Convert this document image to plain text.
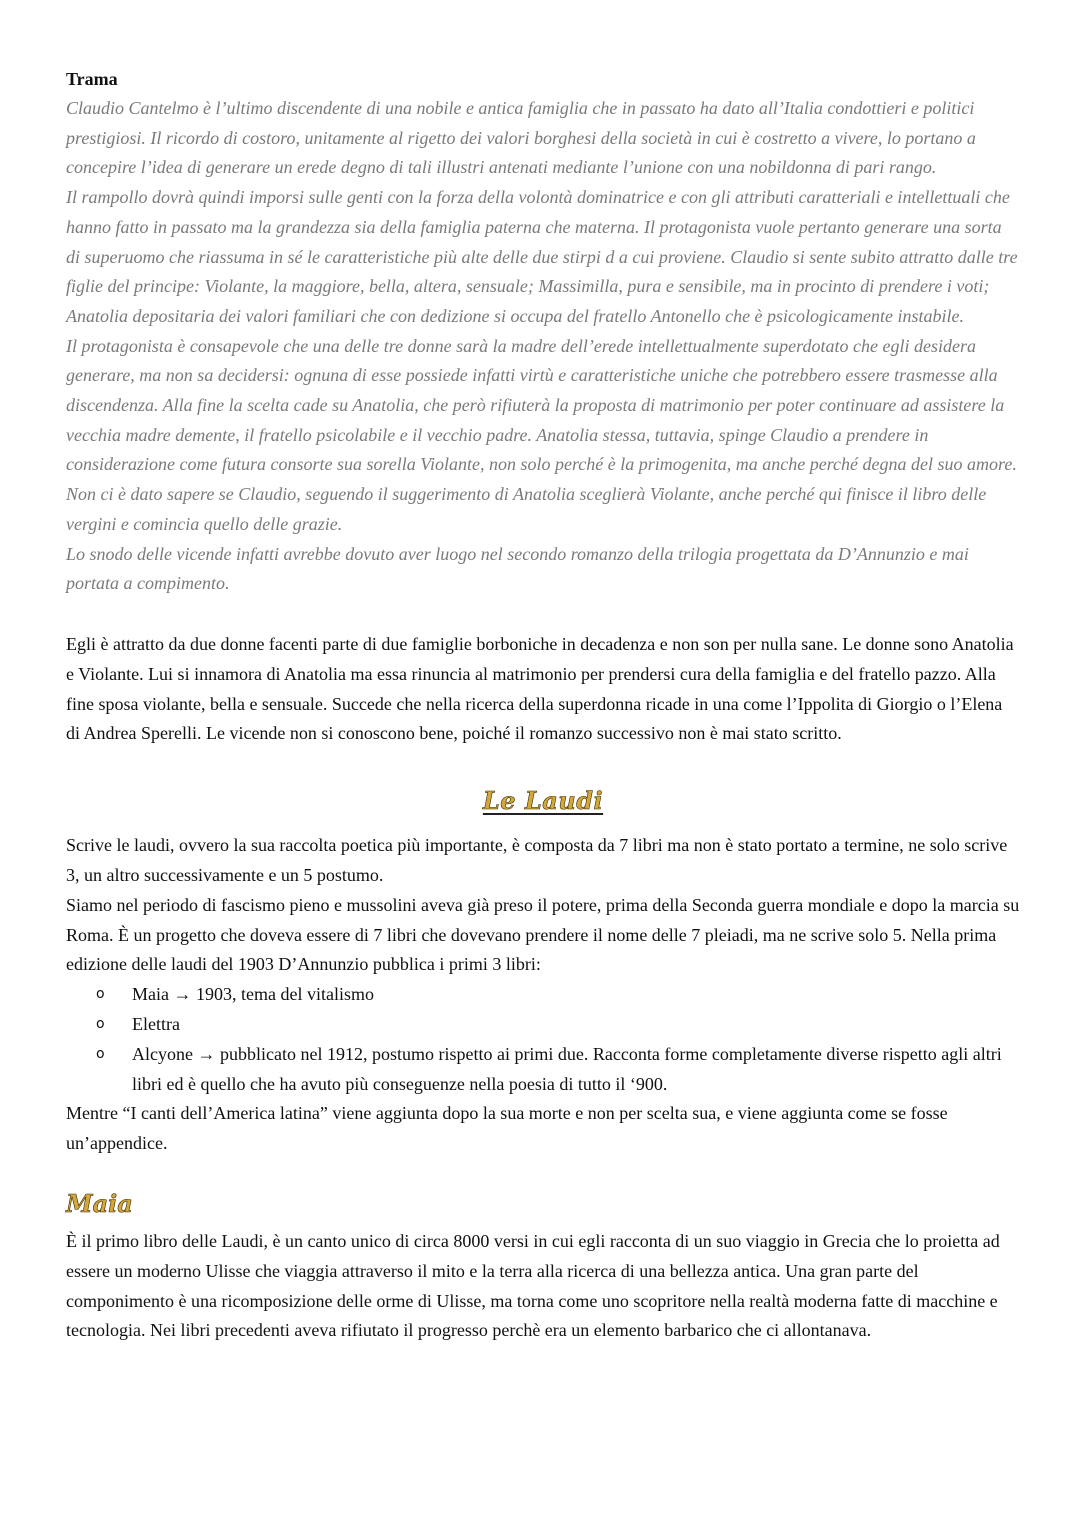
Trama

Claudio Cantelmo è l’ultimo discendente di una nobile e antica famiglia che in passato ha dato all’Italia condottieri e politici prestigiosi. Il ricordo di costoro, unitamente al rigetto dei valori borghesi della società in cui è costretto a vivere, lo portano a concepire l’idea di generare un erede degno di tali illustri antenati mediante l’unione con una nobildonna di pari rango.

Il rampollo dovrà quindi imporsi sulle genti con la forza della volontà dominatrice e con gli attributi caratteriali e intellettuali che hanno fatto in passato ma la grandezza sia della famiglia paterna che materna. Il protagonista vuole pertanto generare una sorta di superuomo che riassuma in sé le caratteristiche più alte delle due stirpi d a cui proviene. Claudio si sente subito attratto dalle tre figlie del principe: Violante, la maggiore, bella, altera, sensuale; Massimilla, pura e sensibile, ma in procinto di prendere i voti; Anatolia depositaria dei valori familiari che con dedizione si occupa del fratello Antonello che è psicologicamente instabile.

Il protagonista è consapevole che una delle tre donne sarà la madre dell’erede intellettualmente superdotato che egli desidera generare, ma non sa decidersi: ognuna di esse possiede infatti virtù e caratteristiche uniche che potrebbero essere trasmesse alla discendenza. Alla fine la scelta cade su Anatolia, che però rifiuterà la proposta di matrimonio per poter continuare ad assistere la vecchia madre demente, il fratello psicolabile e il vecchio padre. Anatolia stessa, tuttavia, spinge Claudio a prendere in considerazione come futura consorte sua sorella Violante, non solo perché è la primogenita, ma anche perché degna del suo amore. Non ci è dato sapere se Claudio, seguendo il suggerimento di Anatolia sceglierà Violante, anche perché qui finisce il libro delle vergini e comincia quello delle grazie.

Lo snodo delle vicende infatti avrebbe dovuto aver luogo nel secondo romanzo della trilogia progettata da D’Annunzio e mai portata a compimento.

Egli è attratto da due donne facenti parte di due famiglie borboniche in decadenza e non son per nulla sane. Le donne sono Anatolia e Violante. Lui si innamora di Anatolia ma essa rinuncia al matrimonio per prendersi cura della famiglia e del fratello pazzo. Alla fine sposa violante, bella e sensuale. Succede che nella ricerca della superdonna ricade in una come l’Ippolita di Giorgio o l’Elena di Andrea Sperelli. Le vicende non si conoscono bene, poiché il romanzo successivo non è mai stato scritto.

Le Laudi

Scrive le laudi, ovvero la sua raccolta poetica più importante, è composta da 7 libri ma non è stato portato a termine, ne solo scrive 3, un altro successivamente e un 5 postumo.

Siamo nel periodo di fascismo pieno e mussolini aveva già preso il potere, prima della Seconda guerra mondiale e dopo la marcia su Roma. È un progetto che doveva essere di 7 libri che dovevano prendere il nome delle 7 pleiadi, ma ne scrive solo 5. Nella prima edizione delle laudi del 1903 D’Annunzio pubblica i primi 3 libri:

o Maia → 1903, tema del vitalismo
o Elettra
o Alcyone → pubblicato nel 1912, postumo rispetto ai primi due. Racconta forme completamente diverse rispetto agli altri libri ed è quello che ha avuto più conseguenze nella poesia di tutto il ‘900.

Mentre “I canti dell’America latina” viene aggiunta dopo la sua morte e non per scelta sua, e viene aggiunta come se fosse un’appendice.

Maia

È il primo libro delle Laudi, è un canto unico di circa 8000 versi in cui egli racconta di un suo viaggio in Grecia che lo proietta ad essere un moderno Ulisse che viaggia attraverso il mito e la terra alla ricerca di una bellezza antica. Una gran parte del componimento è una ricomposizione delle orme di Ulisse, ma torna come uno scopritore nella realtà moderna fatte di macchine e tecnologia. Nei libri precedenti aveva rifiutato il progresso perchè era un elemento barbarico che ci allontanava.
